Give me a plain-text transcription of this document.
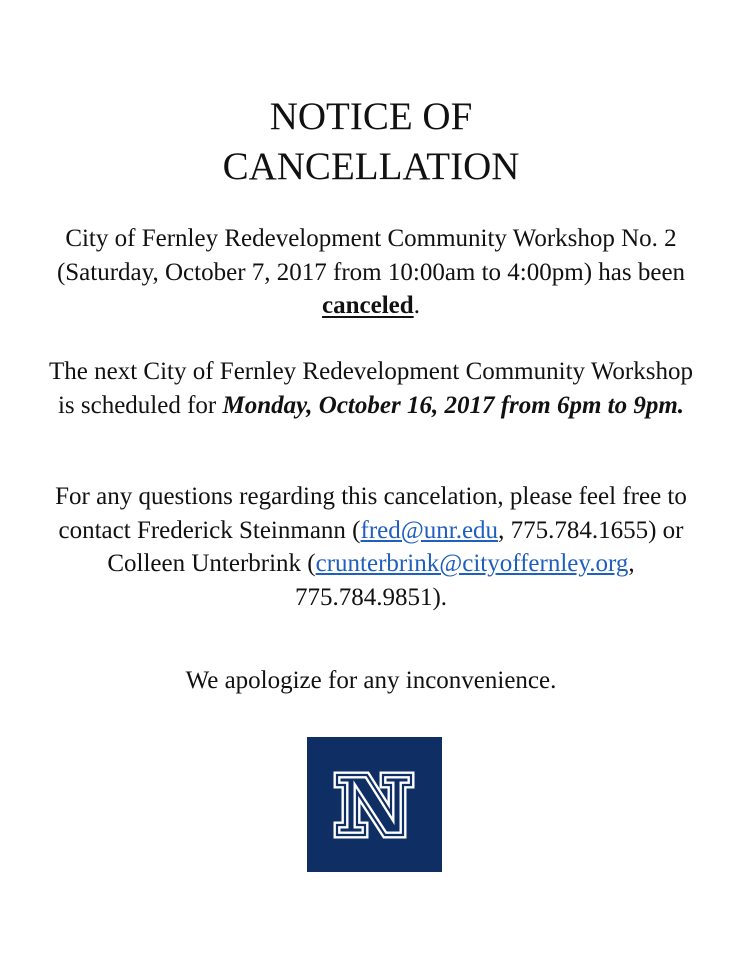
NOTICE OF
CANCELLATION

City of Fernley Redevelopment Community Workshop No. 2 (Saturday, October 7, 2017 from 10:00am to 4:00pm) has been canceled.

The next City of Fernley Redevelopment Community Workshop is scheduled for Monday, October 16, 2017 from 6pm to 9pm.

For any questions regarding this cancelation, please feel free to contact Frederick Steinmann (fred@unr.edu, 775.784.1655) or Colleen Unterbrink (crunterbrink@cityoffernley.org, 775.784.9851).

We apologize for any inconvenience.
